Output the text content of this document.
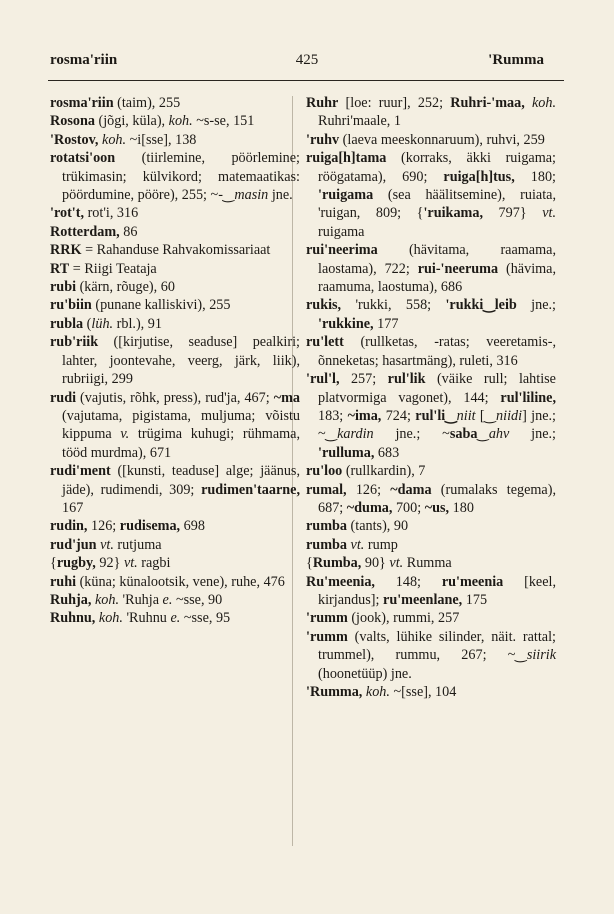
rosma'riin	425	'Rumma
rosma'riin (taim), 255
Rosona (jõgi, küla), koh. ~s-se, 151
'Rostov, koh. ~i[sse], 138
rotatsi'oon (tiirlemine, pöörlemine; trükimasin; külvikord; matemaatikas: pöördumine, pööre), 255; ~-‿masin jne.
'rot't, rot'i, 316
Rotterdam, 86
RRK = Rahanduse Rahvakomissariaat
RT = Riigi Teataja
rubi (kärn, rõuge), 60
ru'biin (punane kalliskivi), 255
rubla (lüh. rbl.), 91
rub'riik ([kirjutise, seaduse] pealkiri; lahter, joontevahe, veerg, järk, liik), rubriigi, 299
rudi (vajutis, rõhk, press), rud'ja, 467; ~ma (vajutama, pigistama, muljuma; võistu kippuma v. trügima kuhugi; rühmama, tööd murdma), 671
rudi'ment ([kunsti, teaduse] alge; jäänus, jäde), rudimendi, 309; rudimen'taarne, 167
rudin, 126; rudisema, 698
rud'jun vt. rutjuma
{rugby, 92} vt. ragbi
ruhi (küna; künalootsik, vene), ruhe, 476
Ruhja, koh. 'Ruhja e. ~sse, 90
Ruhnu, koh. 'Ruhnu e. ~sse, 95
Ruhr [loe: ruur], 252; Ruhri-'maa, koh. Ruhri'maale, 1
'ruhv (laeva meeskonnaruum), ruhvi, 259
ruiga[h]tama (korraks, äkki ruigama; röögatama), 690; ruiga[h]tus, 180; 'ruigama (sea häälitsemine), ruiata, 'ruigan, 809; {'ruikama, 797} vt. ruigama
rui'neerima (hävitama, raamama, laostama), 722; rui-'neeruma (hävima, raamuma, laostuma), 686
rukis, 'rukki, 558; 'rukki‿leib jne.; 'rukkine, 177
ru'lett (rullketas, -ratas; veeretamis-, õnneketas; hasartmäng), ruleti, 316
'rul'l, 257; rul'lik (väike rull; lahtise platvormiga vagonet), 144; rul'liline, 183; ~ima, 724; rul'li‿niit [‿niidi] jne.; ~‿kardin jne.; ~saba‿ahv jne.; 'rulluma, 683
ru'loo (rullkardin), 7
rumal, 126; ~dama (rumalaks tegema), 687; ~duma, 700; ~us, 180
rumba (tants), 90
rumba vt. rump
{Rumba, 90} vt. Rumma
Ru'meenia, 148; ru'meenia [keel, kirjandus]; ru'meenlane, 175
'rumm (jook), rummi, 257
'rumm (valts, lühike silinder, näit. rattal; trummel), rummu, 267; ~‿siirik (hoonetüüp) jne.
'Rumma, koh. ~[sse], 104
